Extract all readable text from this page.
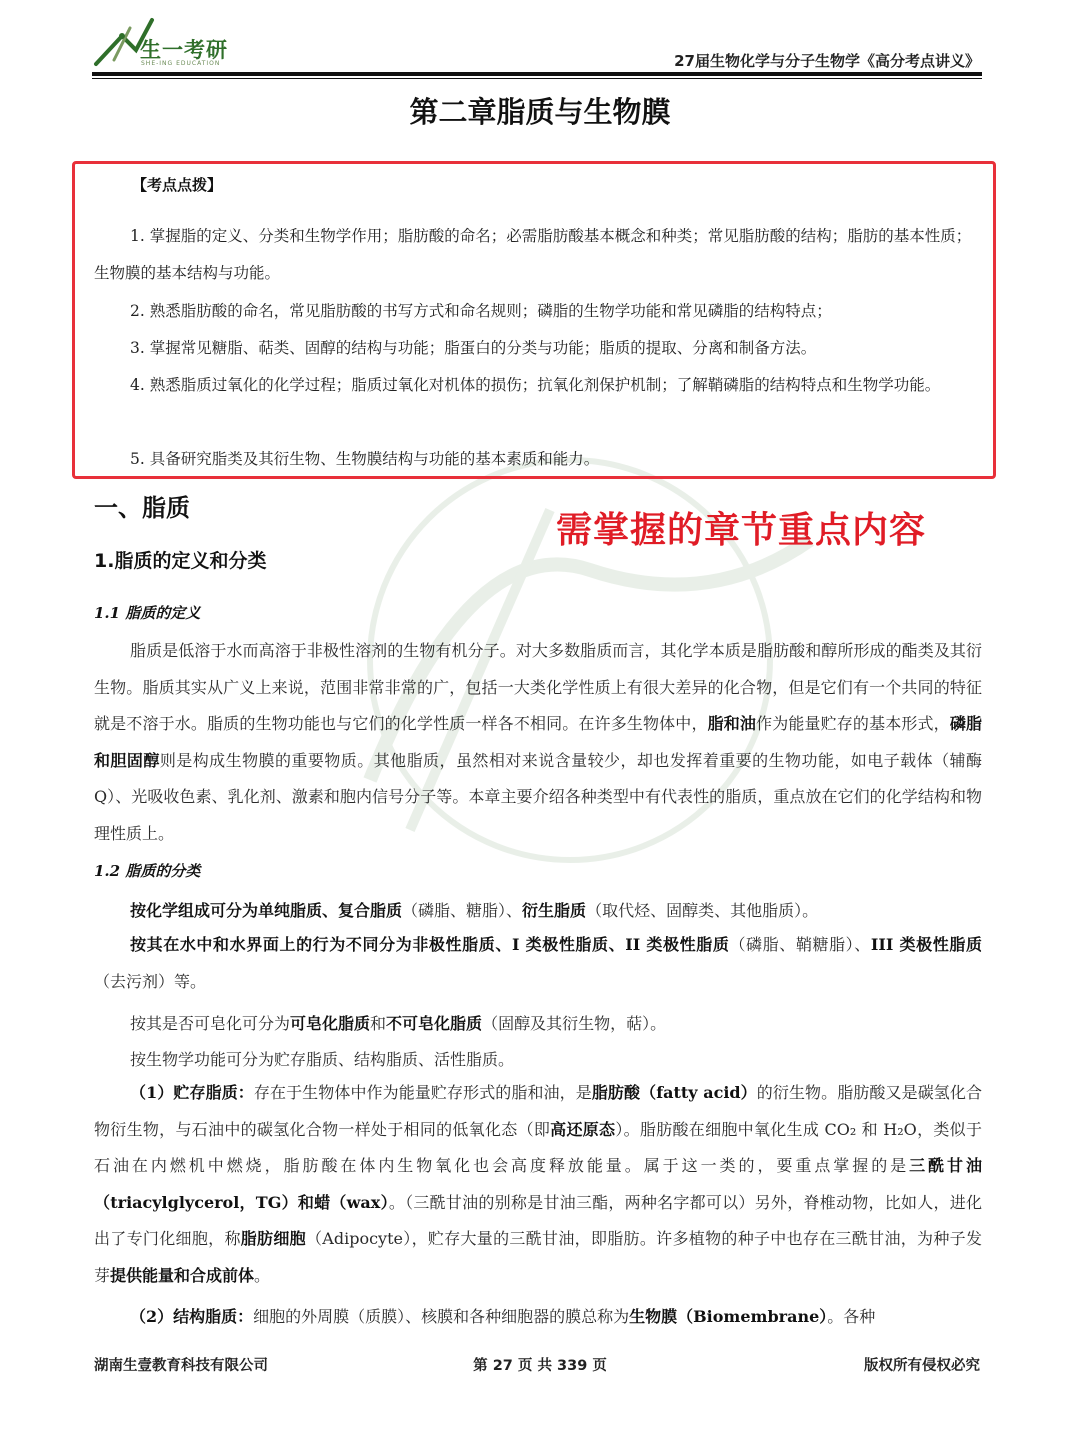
生一考研
SHE-ING EDUCATION	27届生物化学与分子生物学《高分考点讲义》
第二章脂质与生物膜
【考点点拨】
1. 掌握脂的定义、分类和生物学作用；脂肪酸的命名；必需脂肪酸基本概念和种类；常见脂肪酸的结构；脂肪的基本性质；生物膜的基本结构与功能。
2. 熟悉脂肪酸的命名，常见脂肪酸的书写方式和命名规则；磷脂的生物学功能和常见磷脂的结构特点；
3. 掌握常见糖脂、萜类、固醇的结构与功能；脂蛋白的分类与功能；脂质的提取、分离和制备方法。
4. 熟悉脂质过氧化的化学过程；脂质过氧化对机体的损伤；抗氧化剂保护机制；了解鞘磷脂的结构特点和生物学功能。
5. 具备研究脂类及其衍生物、生物膜结构与功能的基本素质和能力。
需掌握的章节重点内容
一、脂质
1.脂质的定义和分类
1.1 脂质的定义
脂质是低溶于水而高溶于非极性溶剂的生物有机分子。对大多数脂质而言，其化学本质是脂肪酸和醇所形成的酯类及其衍生物。脂质其实从广义上来说，范围非常非常的广，包括一大类化学性质上有很大差异的化合物，但是它们有一个共同的特征就是不溶于水。脂质的生物功能也与它们的化学性质一样各不相同。在许多生物体中，脂和油作为能量贮存的基本形式，磷脂和胆固醇则是构成生物膜的重要物质。其他脂质，虽然相对来说含量较少，却也发挥着重要的生物功能，如电子载体（辅酶 Q）、光吸收色素、乳化剂、激素和胞内信号分子等。本章主要介绍各种类型中有代表性的脂质，重点放在它们的化学结构和物理性质上。
1.2 脂质的分类
按化学组成可分为单纯脂质、复合脂质（磷脂、糖脂）、衍生脂质（取代烃、固醇类、其他脂质）。
按其在水中和水界面上的行为不同分为非极性脂质、I 类极性脂质、II 类极性脂质（磷脂、鞘糖脂）、III 类极性脂质（去污剂）等。
按其是否可皂化可分为可皂化脂质和不可皂化脂质（固醇及其衍生物，萜）。
按生物学功能可分为贮存脂质、结构脂质、活性脂质。
（1）贮存脂质：存在于生物体中作为能量贮存形式的脂和油，是脂肪酸（fatty acid）的衍生物。脂肪酸又是碳氢化合物衍生物，与石油中的碳氢化合物一样处于相同的低氧化态（即高还原态）。脂肪酸在细胞中氧化生成 CO₂ 和 H₂O，类似于石油在内燃机中燃烧，脂肪酸在体内生物氧化也会高度释放能量。属于这一类的，要重点掌握的是三酰甘油（triacylglycerol，TG）和蜡（wax）。（三酰甘油的别称是甘油三酯，两种名字都可以）另外，脊椎动物，比如人，进化出了专门化细胞，称脂肪细胞（Adipocyte），贮存大量的三酰甘油，即脂肪。许多植物的种子中也存在三酰甘油，为种子发芽提供能量和合成前体。
（2）结构脂质：细胞的外周膜（质膜）、核膜和各种细胞器的膜总称为生物膜（Biomembrane）。各种
湖南生壹教育科技有限公司	第 27 页 共 339 页	版权所有侵权必究
